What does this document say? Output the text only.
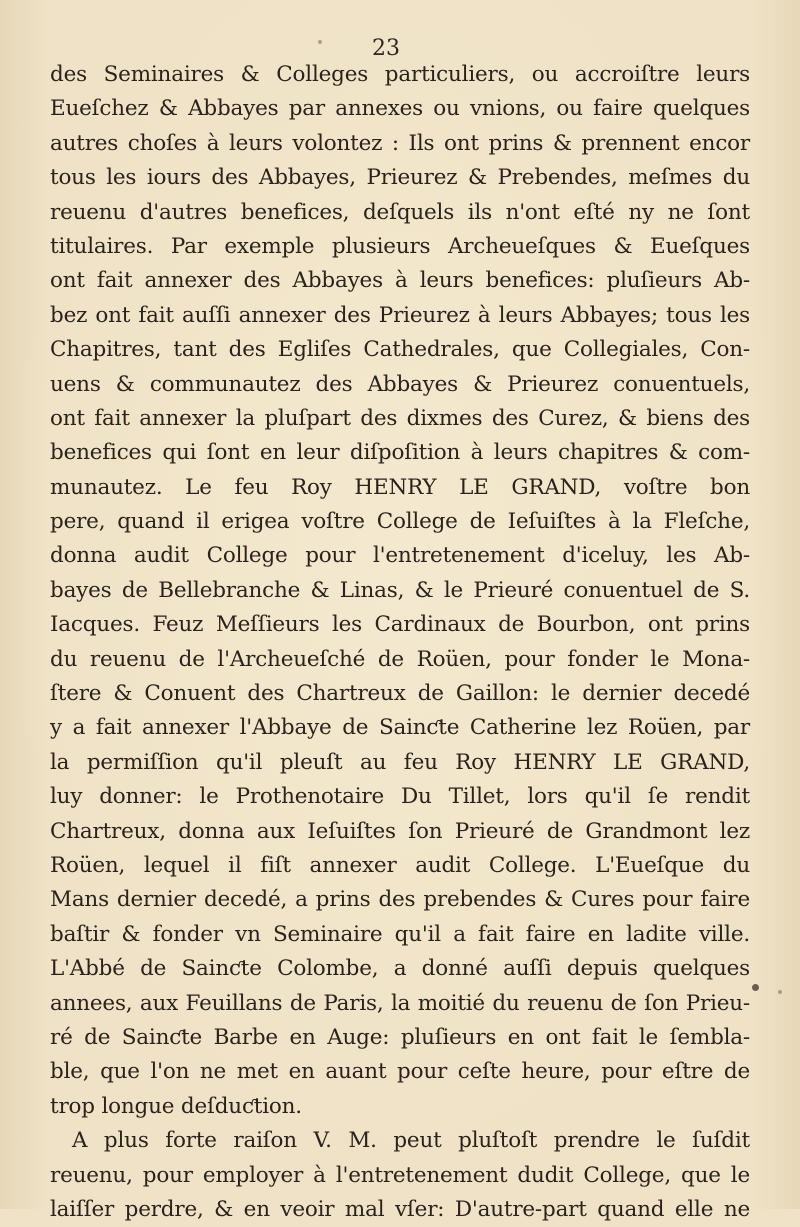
23
des Seminaires & Colleges particuliers, ou accroiſtre leurs
Eueſchez & Abbayes par annexes ou vnions, ou faire quelques
autres choſes à leurs volontez : Ils ont prins & prennent encor
tous les iours des Abbayes, Prieurez & Prebendes, meſmes du
reuenu d'autres benefices, deſquels ils n'ont eſté ny ne ſont
titulaires. Par exemple plusieurs Archeueſques & Eueſques
ont fait annexer des Abbayes à leurs benefices: pluſieurs Ab-
bez ont fait auſſi annexer des Prieurez à leurs Abbayes; tous les
Chapitres, tant des Egliſes Cathedrales, que Collegiales, Con-
uens & communautez des Abbayes & Prieurez conuentuels,
ont fait annexer la pluſpart des dixmes des Curez, & biens des
benefices qui ſont en leur diſpoſition à leurs chapitres & com-
munautez. Le feu Roy HENRY LE GRAND, voſtre bon
pere, quand il erigea voſtre College de Ieſuiſtes à la Fleſche,
donna audit College pour l'entretenement d'iceluy, les Ab-
bayes de Bellebranche & Linas, & le Prieuré conuentuel de S.
Iacques. Feuz Meſſieurs les Cardinaux de Bourbon, ont prins
du reuenu de l'Archeueſché de Roüen, pour fonder le Mona-
ſtere & Conuent des Chartreux de Gaillon: le dernier decedé
y a fait annexer l'Abbaye de Sainƈte Catherine lez Roüen, par
la permiſſion qu'il pleuſt au feu Roy HENRY LE GRAND,
luy donner: le Prothenotaire Du Tillet, lors qu'il ſe rendit
Chartreux, donna aux Ieſuiſtes ſon Prieuré de Grandmont lez
Roüen, lequel il fiſt annexer audit College. L'Eueſque du
Mans dernier decedé, a prins des prebendes & Cures pour faire
baſtir & fonder vn Seminaire qu'il a fait faire en ladite ville.
L'Abbé de Sainƈte Colombe, a donné auſſi depuis quelques
annees, aux Feuillans de Paris, la moitié du reuenu de ſon Prieu-
ré de Sainƈte Barbe en Auge: pluſieurs en ont fait le ſembla-
ble, que l'on ne met en auant pour ceſte heure, pour eſtre de
trop longue deſduƈtion.
A plus forte raiſon V. M. peut pluſtoſt prendre le ſuſdit
reuenu, pour employer à l'entretenement dudit College, que le
laiſſer perdre, & en veoir mal vſer: D'autre-part quand elle ne
